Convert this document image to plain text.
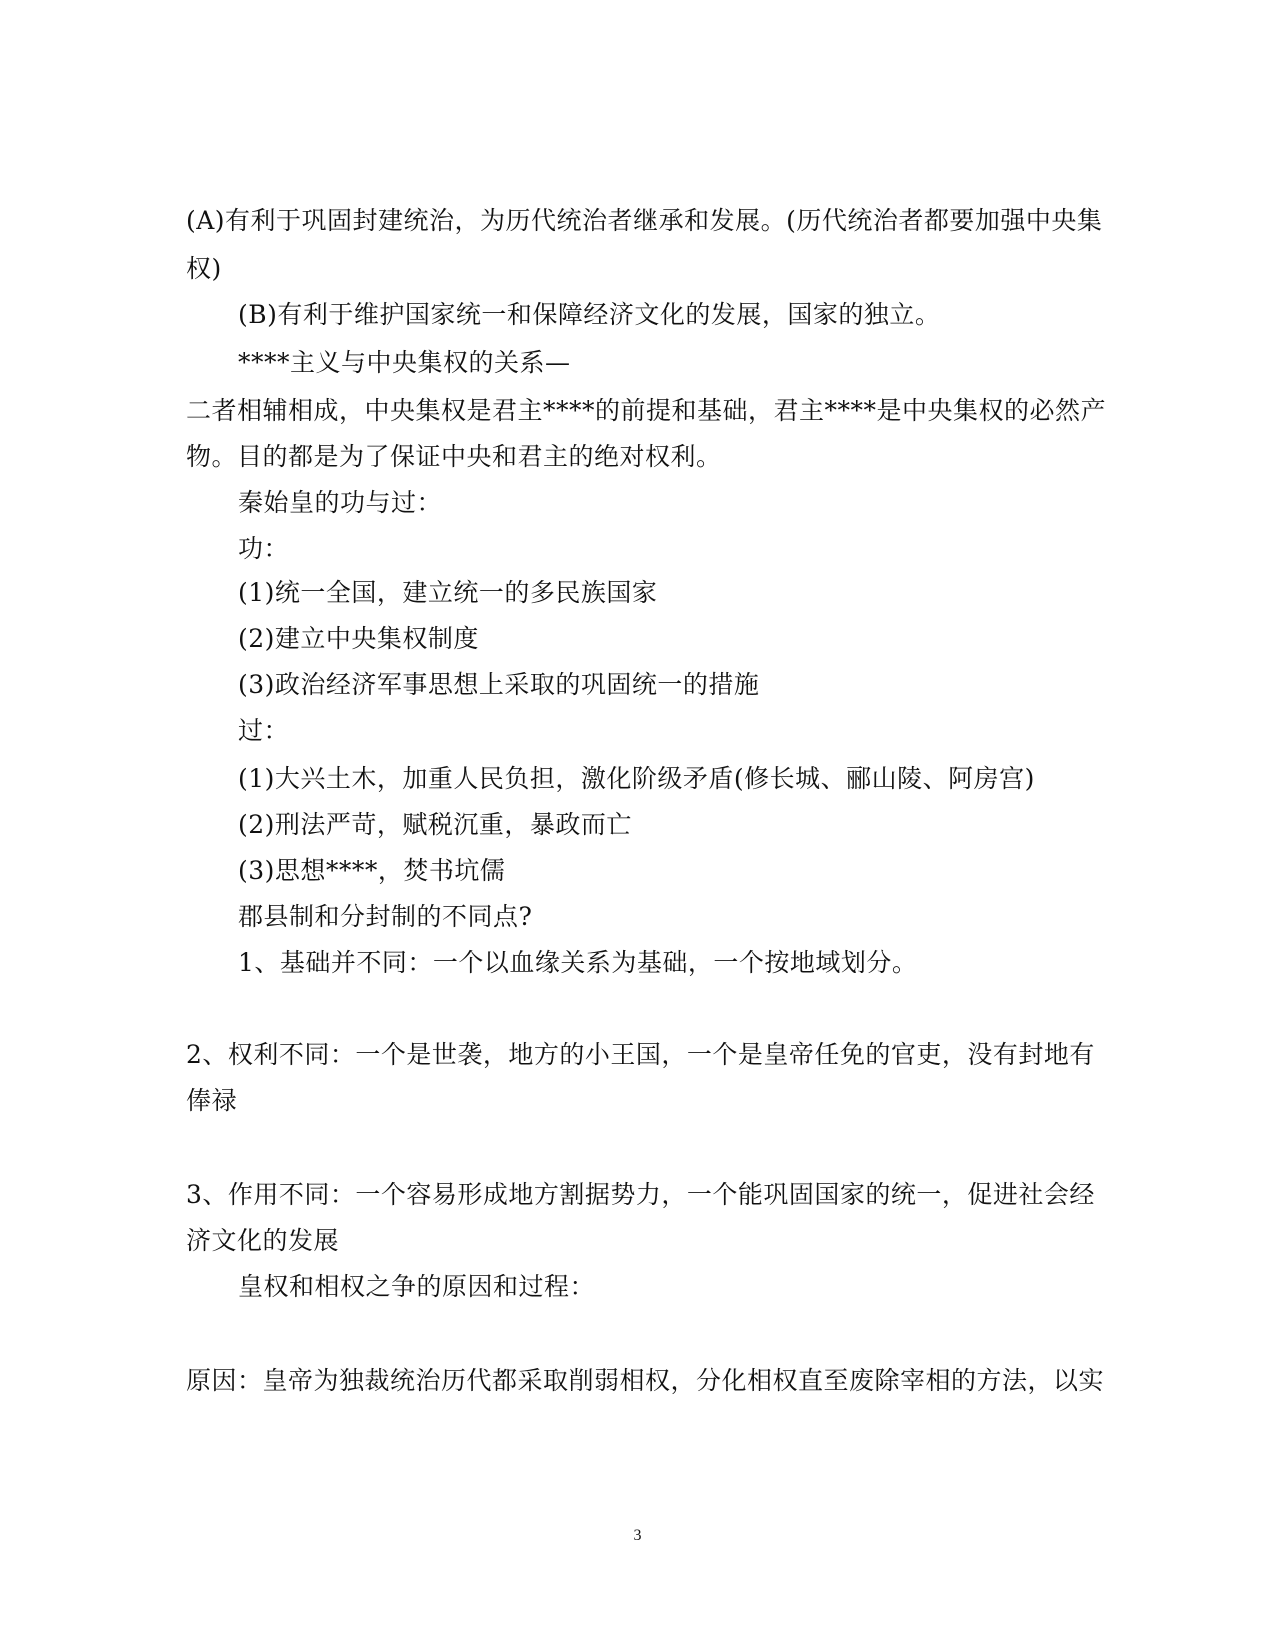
(A)有利于巩固封建统治，为历代统治者继承和发展。(历代统治者都要加强中央集
权)
(B)有利于维护国家统一和保障经济文化的发展，国家的独立。
****主义与中央集权的关系—
二者相辅相成，中央集权是君主****的前提和基础，君主****是中央集权的必然产
物。目的都是为了保证中央和君主的绝对权利。
秦始皇的功与过：
功：
(1)统一全国，建立统一的多民族国家
(2)建立中央集权制度
(3)政治经济军事思想上采取的巩固统一的措施
过：
(1)大兴土木，加重人民负担，激化阶级矛盾(修长城、郦山陵、阿房宫)
(2)刑法严苛，赋税沉重，暴政而亡
(3)思想****，焚书坑儒
郡县制和分封制的不同点?
1、基础并不同：一个以血缘关系为基础，一个按地域划分。
2、权利不同：一个是世袭，地方的小王国，一个是皇帝任免的官吏，没有封地有
俸禄
3、作用不同：一个容易形成地方割据势力，一个能巩固国家的统一，促进社会经
济文化的发展
皇权和相权之争的原因和过程：
原因：皇帝为独裁统治历代都采取削弱相权，分化相权直至废除宰相的方法，以实
3
